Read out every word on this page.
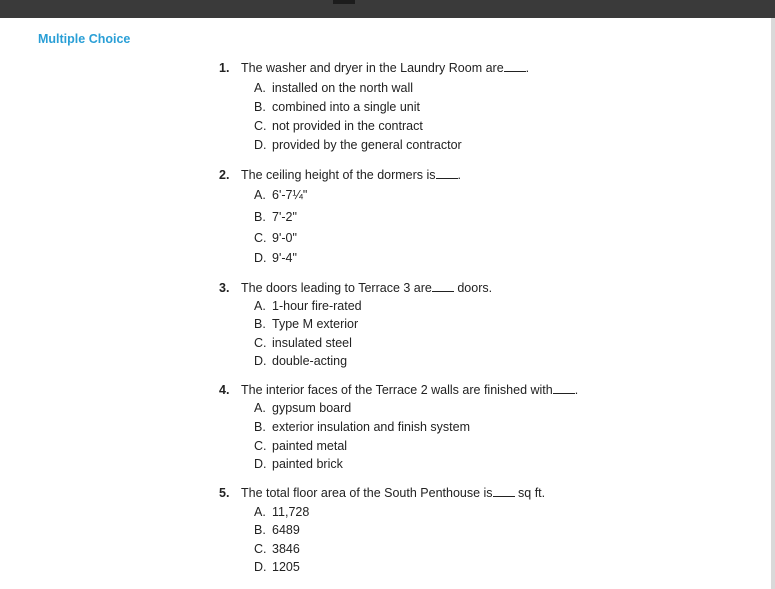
Multiple Choice
1. The washer and dryer in the Laundry Room are .
A. installed on the north wall
B. combined into a single unit
C. not provided in the contract
D. provided by the general contractor
2. The ceiling height of the dormers is .
A. 6'-7¼"
B. 7'-2"
C. 9'-0"
D. 9'-4"
3. The doors leading to Terrace 3 are doors.
A. 1-hour fire-rated
B. Type M exterior
C. insulated steel
D. double-acting
4. The interior faces of the Terrace 2 walls are finished with .
A. gypsum board
B. exterior insulation and finish system
C. painted metal
D. painted brick
5. The total floor area of the South Penthouse is sq ft.
A. 11,728
B. 6489
C. 3846
D. 1205
